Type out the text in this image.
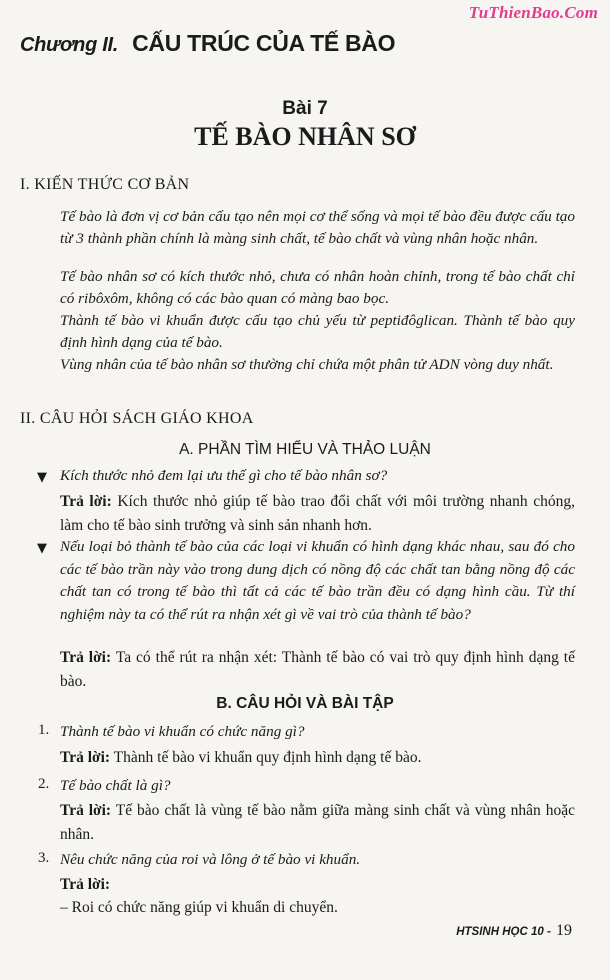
TuThienBao.Com
Chương II. CẤU TRÚC CỦA TẾ BÀO
Bài 7
TẾ BÀO NHÂN SƠ
I. KIẾN THỨC CƠ BẢN
Tế bào là đơn vị cơ bản cấu tạo nên mọi cơ thể sống và mọi tế bào đều được cấu tạo từ 3 thành phần chính là màng sinh chất, tế bào chất và vùng nhân hoặc nhân.
Tế bào nhân sơ có kích thước nhỏ, chưa có nhân hoàn chỉnh, trong tế bào chất chỉ có ribôxôm, không có các bào quan có màng bao bọc.
Thành tế bào vi khuẩn được cấu tạo chủ yếu từ peptiđôglican. Thành tế bào quy định hình dạng của tế bào.
Vùng nhân của tế bào nhân sơ thường chỉ chứa một phân tử ADN vòng duy nhất.
II. CÂU HỎI SÁCH GIÁO KHOA
A. PHẦN TÌM HIỂU VÀ THẢO LUẬN
▼ Kích thước nhỏ đem lại ưu thế gì cho tế bào nhân sơ?
Trả lời: Kích thước nhỏ giúp tế bào trao đổi chất với môi trường nhanh chóng, làm cho tế bào sinh trưởng và sinh sản nhanh hơn.
▼ Nếu loại bỏ thành tế bào của các loại vi khuẩn có hình dạng khác nhau, sau đó cho các tế bào trần này vào trong dung dịch có nồng độ các chất tan bằng nồng độ các chất tan có trong tế bào thì tất cả các tế bào trần đều có dạng hình cầu. Từ thí nghiệm này ta có thể rút ra nhận xét gì về vai trò của thành tế bào?
Trả lời: Ta có thể rút ra nhận xét: Thành tế bào có vai trò quy định hình dạng tế bào.
B. CÂU HỎI VÀ BÀI TẬP
1. Thành tế bào vi khuẩn có chức năng gì?
Trả lời: Thành tế bào vi khuẩn quy định hình dạng tế bào.
2. Tế bào chất là gì?
Trả lời: Tế bào chất là vùng tế bào nằm giữa màng sinh chất và vùng nhân hoặc nhân.
3. Nêu chức năng của roi và lông ở tế bào vi khuẩn.
Trả lời:
– Roi có chức năng giúp vi khuẩn di chuyển.
HTSINH HỌC 10 - 19
